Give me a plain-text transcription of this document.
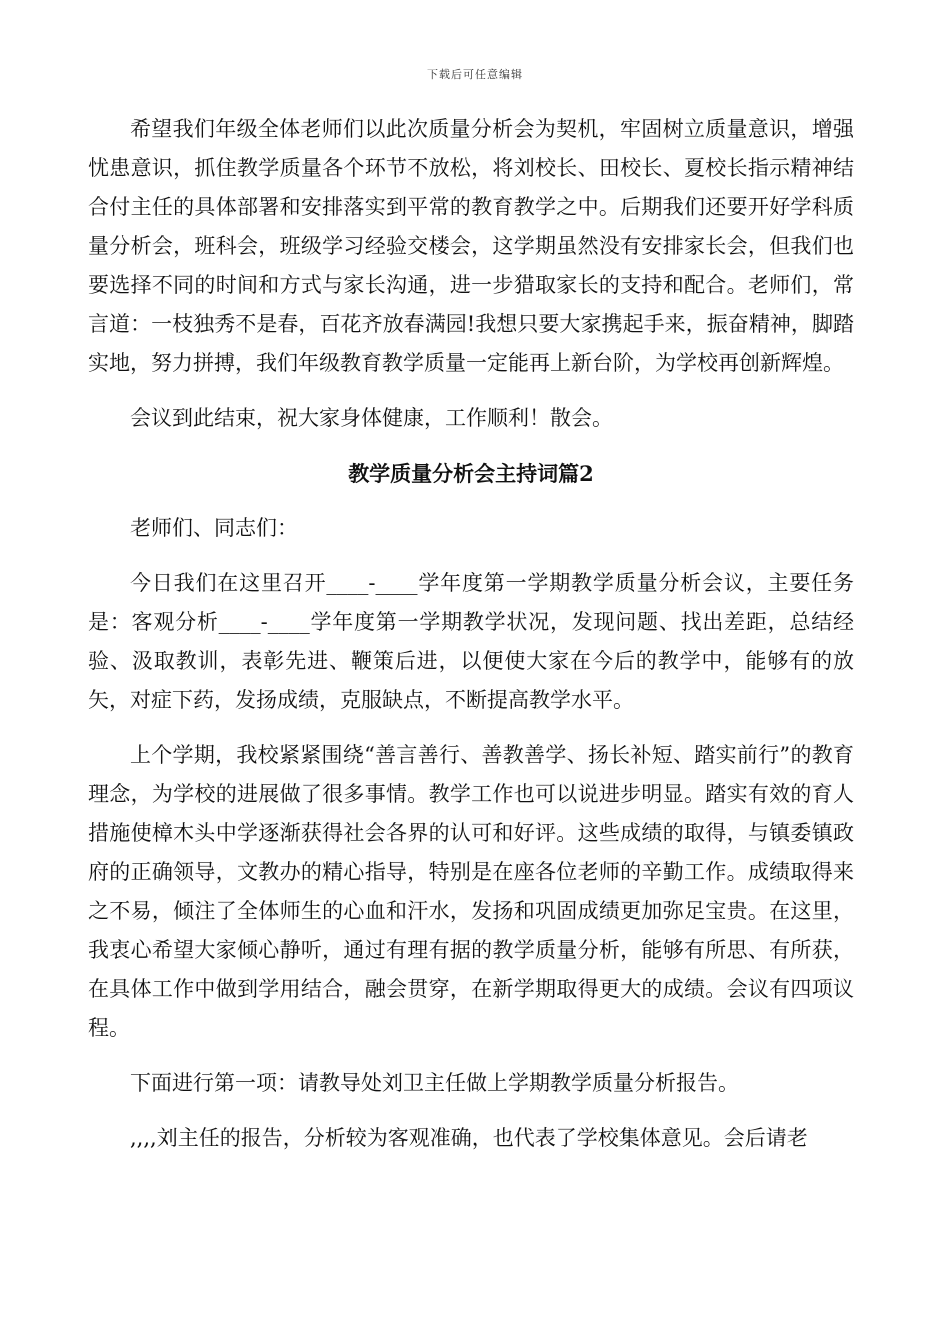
下载后可任意编辑

希望我们年级全体老师们以此次质量分析会为契机，牢固树立质量意识，增强忧患意识，抓住教学质量各个环节不放松，将刘校长、田校长、夏校长指示精神结合付主任的具体部署和安排落实到平常的教育教学之中。后期我们还要开好学科质量分析会，班科会，班级学习经验交楼会，这学期虽然没有安排家长会，但我们也要选择不同的时间和方式与家长沟通，进一步猎取家长的支持和配合。老师们，常言道：一枝独秀不是春，百花齐放春满园!我想只要大家携起手来，振奋精神，脚踏实地，努力拼搏，我们年级教育教学质量一定能再上新台阶，为学校再创新辉煌。

会议到此结束，祝大家身体健康，工作顺利！散会。

教学质量分析会主持词篇2

老师们、同志们：

今日我们在这里召开____-____学年度第一学期教学质量分析会议，主要任务是：客观分析____-____学年度第一学期教学状况，发现问题、找出差距，总结经验、汲取教训，表彰先进、鞭策后进，以便使大家在今后的教学中，能够有的放矢，对症下药，发扬成绩，克服缺点，不断提高教学水平。

上个学期，我校紧紧围绕“善言善行、善教善学、扬长补短、踏实前行”的教育理念，为学校的进展做了很多事情。教学工作也可以说进步明显。踏实有效的育人措施使樟木头中学逐渐获得社会各界的认可和好评。这些成绩的取得，与镇委镇政府的正确领导，文教办的精心指导，特别是在座各位老师的辛勤工作。成绩取得来之不易，倾注了全体师生的心血和汗水，发扬和巩固成绩更加弥足宝贵。在这里，我衷心希望大家倾心静听，通过有理有据的教学质量分析，能够有所思、有所获，在具体工作中做到学用结合，融会贯穿，在新学期取得更大的成绩。会议有四项议程。

下面进行第一项：请教导处刘卫主任做上学期教学质量分析报告。

,,,,刘主任的报告，分析较为客观准确，也代表了学校集体意见。会后请老
